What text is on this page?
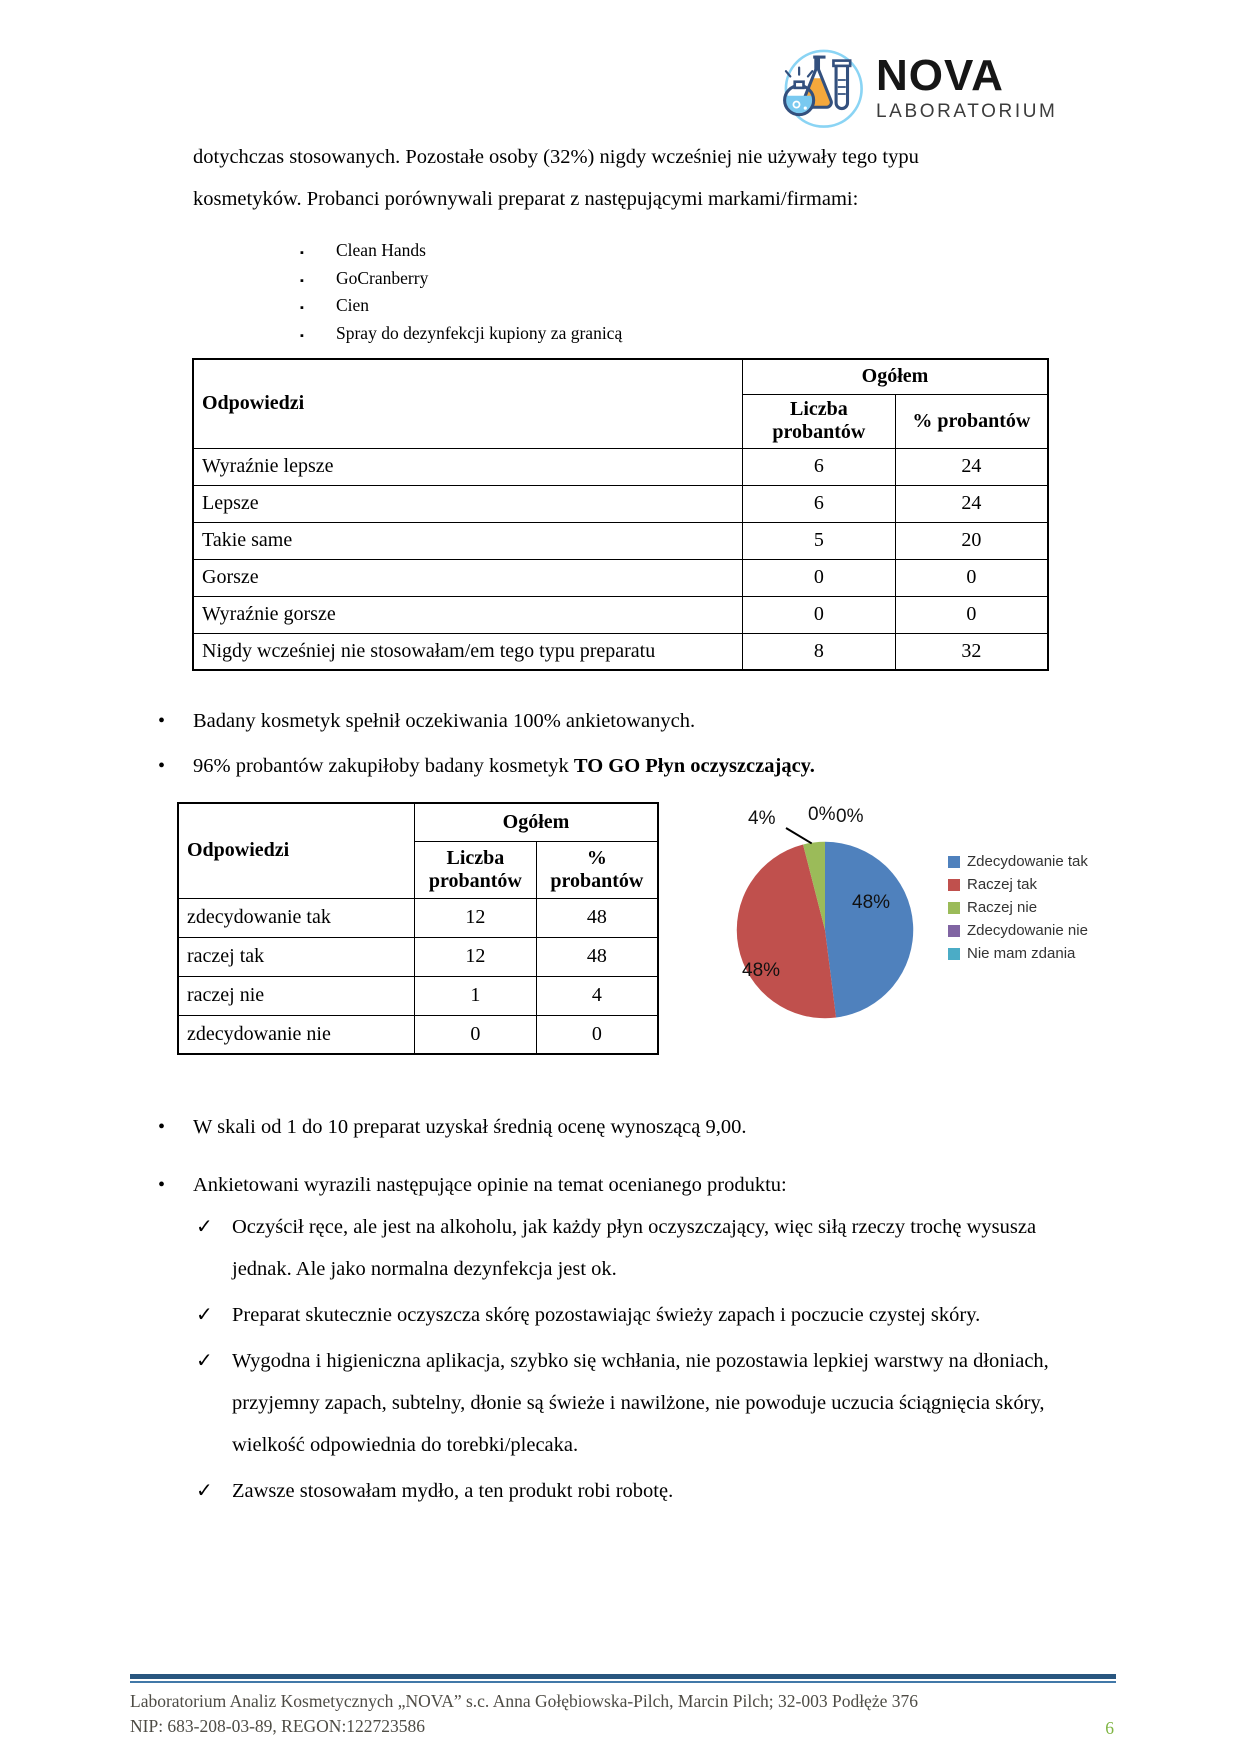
NOVA
LABORATORIUM
dotychczas stosowanych. Pozostałe osoby (32%) nigdy wcześniej nie używały tego typu
kosmetyków. Probanci porównywali preparat z następującymi markami/firmami:
▪	Clean Hands
▪	GoCranberry
▪	Cien
▪	Spray do dezynfekcji kupiony za granicą
Odpowiedzi	Ogółem	
	Liczba probantów	% probantów
Wyraźnie lepsze	6	24
Lepsze	6	24
Takie same	5	20
Gorsze	0	0
Wyraźnie gorsze	0	0
Nigdy wcześniej nie stosowałam/em tego typu preparatu	8	32
• Badany kosmetyk spełnił oczekiwania 100% ankietowanych.
• 96% probantów zakupiłoby badany kosmetyk TO GO Płyn oczyszczający.
Odpowiedzi	Ogółem	
	Liczba probantów	% probantów
zdecydowanie tak	12	48
raczej tak	12	48
raczej nie	1	4
zdecydowanie nie	0	0
4% 0% 0%
48%
48%
Zdecydowanie tak
Raczej tak
Raczej nie
Zdecydowanie nie
Nie mam zdania
• W skali od 1 do 10 preparat uzyskał średnią ocenę wynoszącą 9,00.
• Ankietowani wyrazili następujące opinie na temat ocenianego produktu:
✓ Oczyścił ręce, ale jest na alkoholu, jak każdy płyn oczyszczający, więc siłą rzeczy trochę wysusza jednak. Ale jako normalna dezynfekcja jest ok.
✓ Preparat skutecznie oczyszcza skórę pozostawiając świeży zapach i poczucie czystej skóry.
✓ Wygodna i higieniczna aplikacja, szybko się wchłania, nie pozostawia lepkiej warstwy na dłoniach, przyjemny zapach, subtelny, dłonie są świeże i nawilżone, nie powoduje uczucia ściągnięcia skóry, wielkość odpowiednia do torebki/plecaka.
✓ Zawsze stosowałam mydło, a ten produkt robi robotę.
Laboratorium Analiz Kosmetycznych „NOVA” s.c. Anna Gołębiowska-Pilch, Marcin Pilch; 32-003 Podłęże 376
NIP: 683-208-03-89, REGON:122723586	6
